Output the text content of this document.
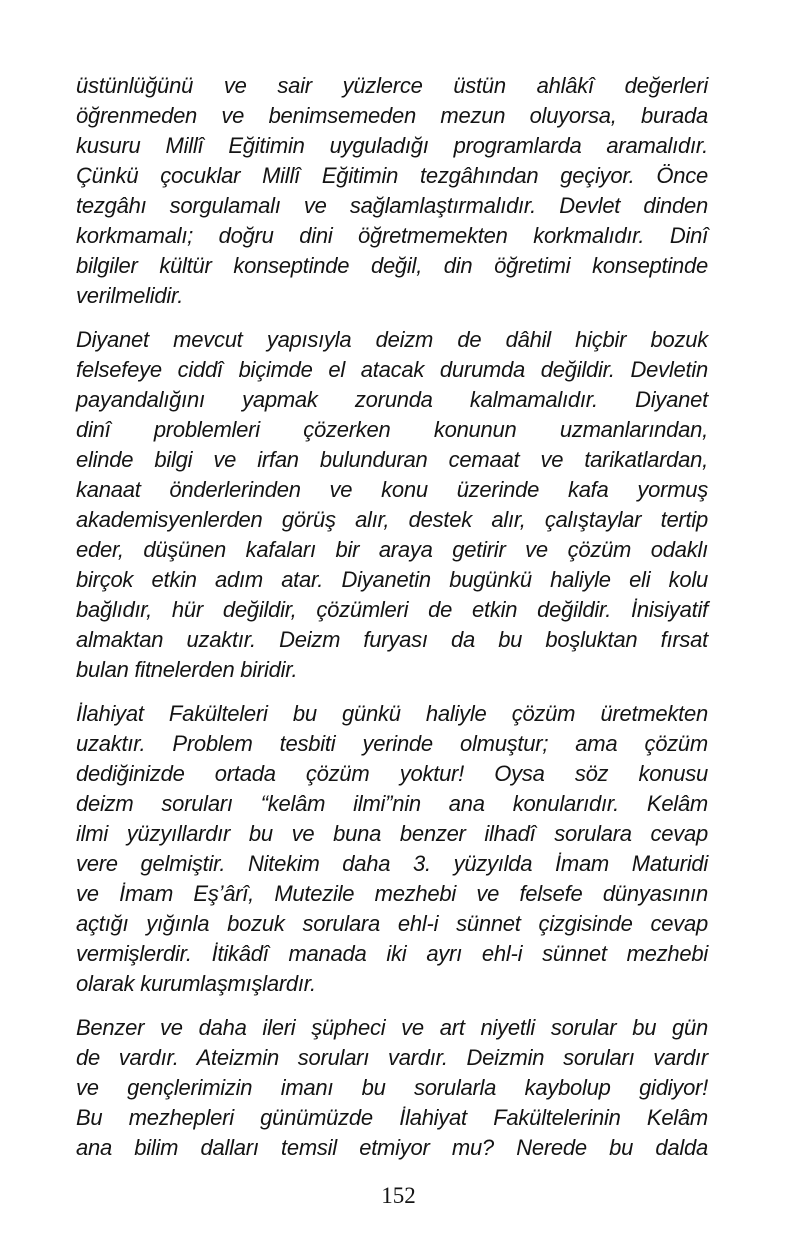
üstünlüğünü ve sair yüzlerce üstün ahlâkî değerleri
öğrenmeden ve benimsemeden mezun oluyorsa, burada
kusuru Millî Eğitimin uyguladığı programlarda aramalıdır.
Çünkü çocuklar Millî Eğitimin tezgâhından geçiyor. Önce
tezgâhı sorgulamalı ve sağlamlaştırmalıdır. Devlet dinden
korkmamalı; doğru dini öğretmemekten korkmalıdır. Dinî
bilgiler kültür konseptinde değil, din öğretimi konseptinde
verilmelidir.
Diyanet mevcut yapısıyla deizm de dâhil hiçbir bozuk
felsefeye ciddî biçimde el atacak durumda değildir. Devletin
payandalığını yapmak zorunda kalmamalıdır. Diyanet
dinî problemleri çözerken konunun uzmanlarından,
elinde bilgi ve irfan bulunduran cemaat ve tarikatlardan,
kanaat önderlerinden ve konu üzerinde kafa yormuş
akademisyenlerden görüş alır, destek alır, çalıştaylar tertip
eder, düşünen kafaları bir araya getirir ve çözüm odaklı
birçok etkin adım atar. Diyanetin bugünkü haliyle eli kolu
bağlıdır, hür değildir, çözümleri de etkin değildir. İnisiyatif
almaktan uzaktır. Deizm furyası da bu boşluktan fırsat
bulan fitnelerden biridir.
İlahiyat Fakülteleri bu günkü haliyle çözüm üretmekten
uzaktır. Problem tesbiti yerinde olmuştur; ama çözüm
dediğinizde ortada çözüm yoktur! Oysa söz konusu
deizm soruları “kelâm ilmi”nin ana konularıdır. Kelâm
ilmi yüzyıllardır bu ve buna benzer ilhadî sorulara cevap
vere gelmiştir. Nitekim daha 3. yüzyılda İmam Maturidi
ve İmam Eş’ârî, Mutezile mezhebi ve felsefe dünyasının
açtığı yığınla bozuk sorulara ehl-i sünnet çizgisinde cevap
vermişlerdir. İtikâdî manada iki ayrı ehl-i sünnet mezhebi
olarak kurumlaşmışlardır.
Benzer ve daha ileri şüpheci ve art niyetli sorular bu gün
de vardır. Ateizmin soruları vardır. Deizmin soruları vardır
ve gençlerimizin imanı bu sorularla kaybolup gidiyor!
Bu mezhepleri günümüzde İlahiyat Fakültelerinin Kelâm
ana bilim dalları temsil etmiyor mu? Nerede bu dalda
152
